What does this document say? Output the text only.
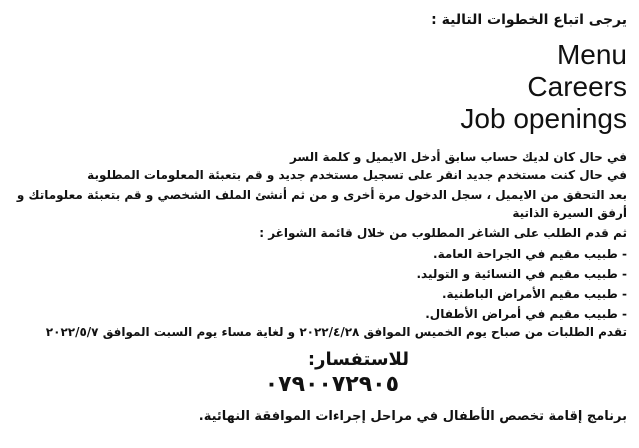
يرجى اتباع الخطوات التالية :
Menu
Careers
Job openings
في حال كان لديك حساب سابق أدخل الايميل و كلمة السر
في حال كنت مستخدم جديد انقر على تسجيل مستخدم جديد و قم بتعبئة المعلومات المطلوبة
بعد التحقق من الايميل ، سجل الدخول مرة أخرى و من ثم أنشئ الملف الشخصي و قم بتعبئة معلوماتك و
أرفق السيرة الذاتية
ثم قدم الطلب على الشاغر المطلوب من خلال قائمة الشواغر :
- طبيب مقيم في الجراحة العامة.
- طبيب مقيم في النسائية و التوليد.
- طبيب مقيم الأمراض الباطنية.
- طبيب مقيم في أمراض الأطفال.
تقدم الطلبات من صباح يوم الخميس الموافق ٢٠٢٢/٤/٢٨ و لغاية مساء يوم السبت الموافق ٢٠٢٢/٥/٧
للاستفسار:
٠٧٩٠٠٧٢٩٠٥
برنامج إقامة تخصص الأطفال في مراحل إجراءات الموافقة النهائية.
